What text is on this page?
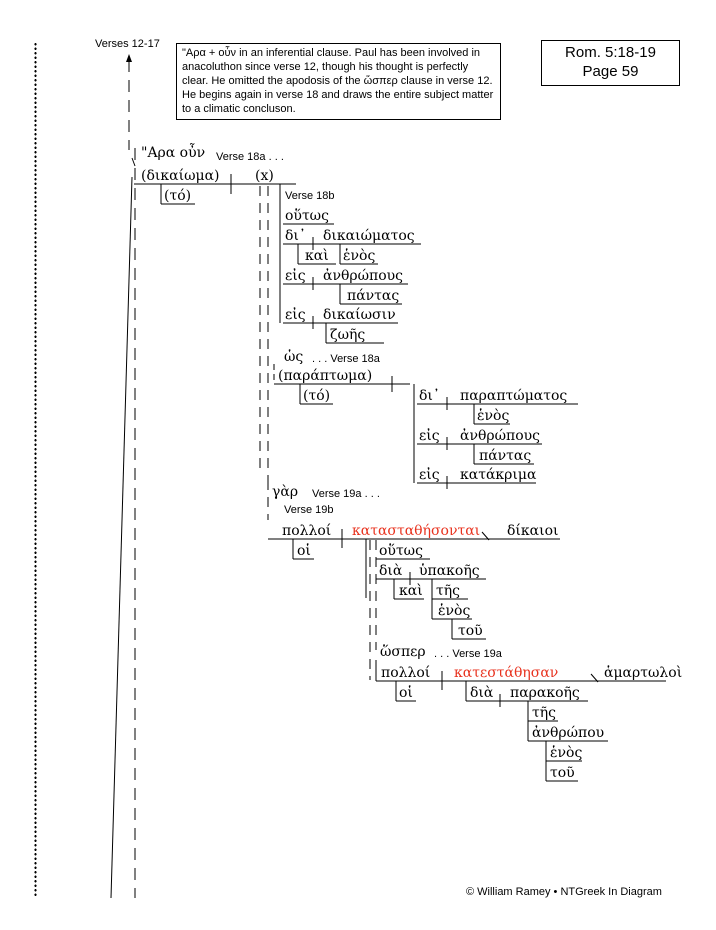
Verses 12-17
"Αρα + οὖν in an inferential clause. Paul has been involved in anacoluthon since verse 12, though his thought is perfectly clear. He omitted the apodosis of the ὥσπερ clause in verse 12. He begins again in verse 18 and draws the entire subject matter to a climatic concluson.
Rom. 5:18-19
Page 59
"Αρα οὖν Verse 18a . . .
(δικαίωμα)	(x)
(τό)	Verse 18b
οὕτως
δι᾽ δικαιώματος
καὶ ἑνὸς
εἰς ἀνθρώπους
πάντας
εἰς δικαίωσιν
ζωῆς
ὡς . . . Verse 18a
(παράπτωμα)
(τό)	δι᾽ παραπτώματος
ἑνὸς
εἰς ἀνθρώπους
πάντας
εἰς κατάκριμα
γὰρ Verse 19a . . .
Verse 19b
πολλοί κατασταθήσονται δίκαιοι
οἱ	οὕτως
διὰ ὑπακοῆς
καὶ τῆς
ἑνὸς
τοῦ
ὥσπερ . . . Verse 19a
πολλοί κατεστάθησαν	ἁμαρτωλοὶ
οἱ	διὰ παρακοῆς
τῆς
ἀνθρώπου
ἑνὸς
τοῦ
© William Ramey • NTGreek In Diagram
